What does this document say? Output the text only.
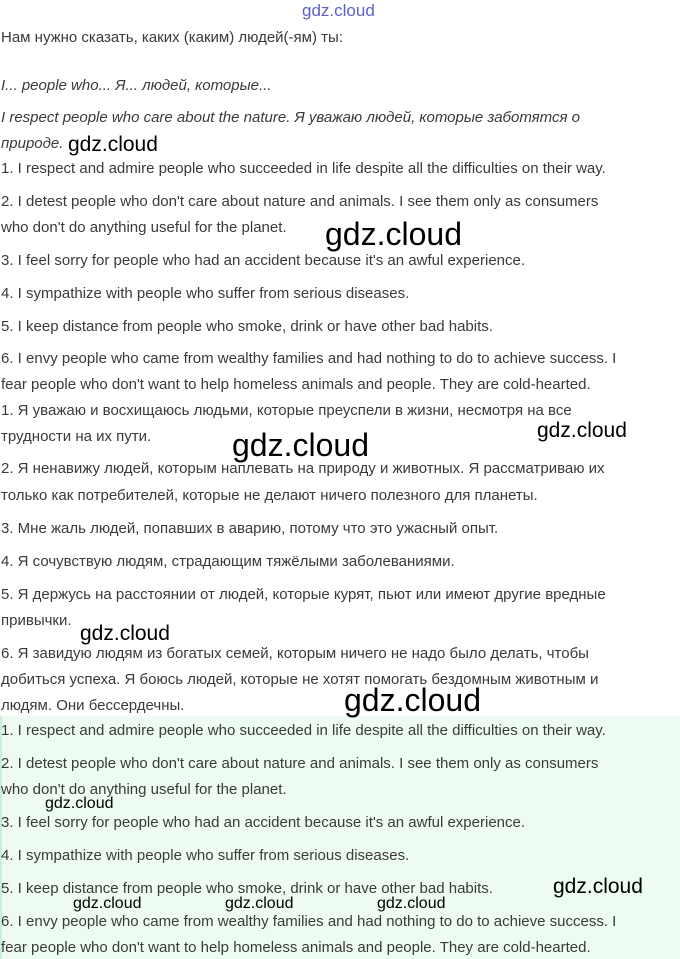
Нам нужно сказать, каких (каким) людей(-ям) ты:
I... people who... Я... людей, которые...
I respect people who care about the nature. Я уважаю людей, которые заботятся о
природе.
1. I respect and admire people who succeeded in life despite all the difficulties on their way.
2. I detest people who don't care about nature and animals. I see them only as consumers
who don't do anything useful for the planet.
3. I feel sorry for people who had an accident because it's an awful experience.
4. I sympathize with people who suffer from serious diseases.
5. I keep distance from people who smoke, drink or have other bad habits.
6. I envy people who came from wealthy families and had nothing to do to achieve success. I
fear people who don't want to help homeless animals and people. They are cold-hearted.
1. Я уважаю и восхищаюсь людьми, которые преуспели в жизни, несмотря на все
трудности на их пути.
2. Я ненавижу людей, которым наплевать на природу и животных. Я рассматриваю их
только как потребителей, которые не делают ничего полезного для планеты.
3. Мне жаль людей, попавших в аварию, потому что это ужасный опыт.
4. Я сочувствую людям, страдающим тяжёлыми заболеваниями.
5. Я держусь на расстоянии от людей, которые курят, пьют или имеют другие вредные
привычки.
6. Я завидую людям из богатых семей, которым ничего не надо было делать, чтобы
добиться успеха. Я боюсь людей, которые не хотят помогать бездомным животным и
людям. Они бессердечны.
1. I respect and admire people who succeeded in life despite all the difficulties on their way.
2. I detest people who don't care about nature and animals. I see them only as consumers
who don't do anything useful for the planet.
3. I feel sorry for people who had an accident because it's an awful experience.
4. I sympathize with people who suffer from serious diseases.
5. I keep distance from people who smoke, drink or have other bad habits.
6. I envy people who came from wealthy families and had nothing to do to achieve success. I
fear people who don't want to help homeless animals and people. They are cold-hearted.
gdz.cloud
gdz.cloud
gdz.cloud
gdz.cloud	gdz.cloud
gdz.cloud
gdz.cloud
gdz.cloud
gdz.cloud
gdz.cloud	gdz.cloud	gdz.cloud
